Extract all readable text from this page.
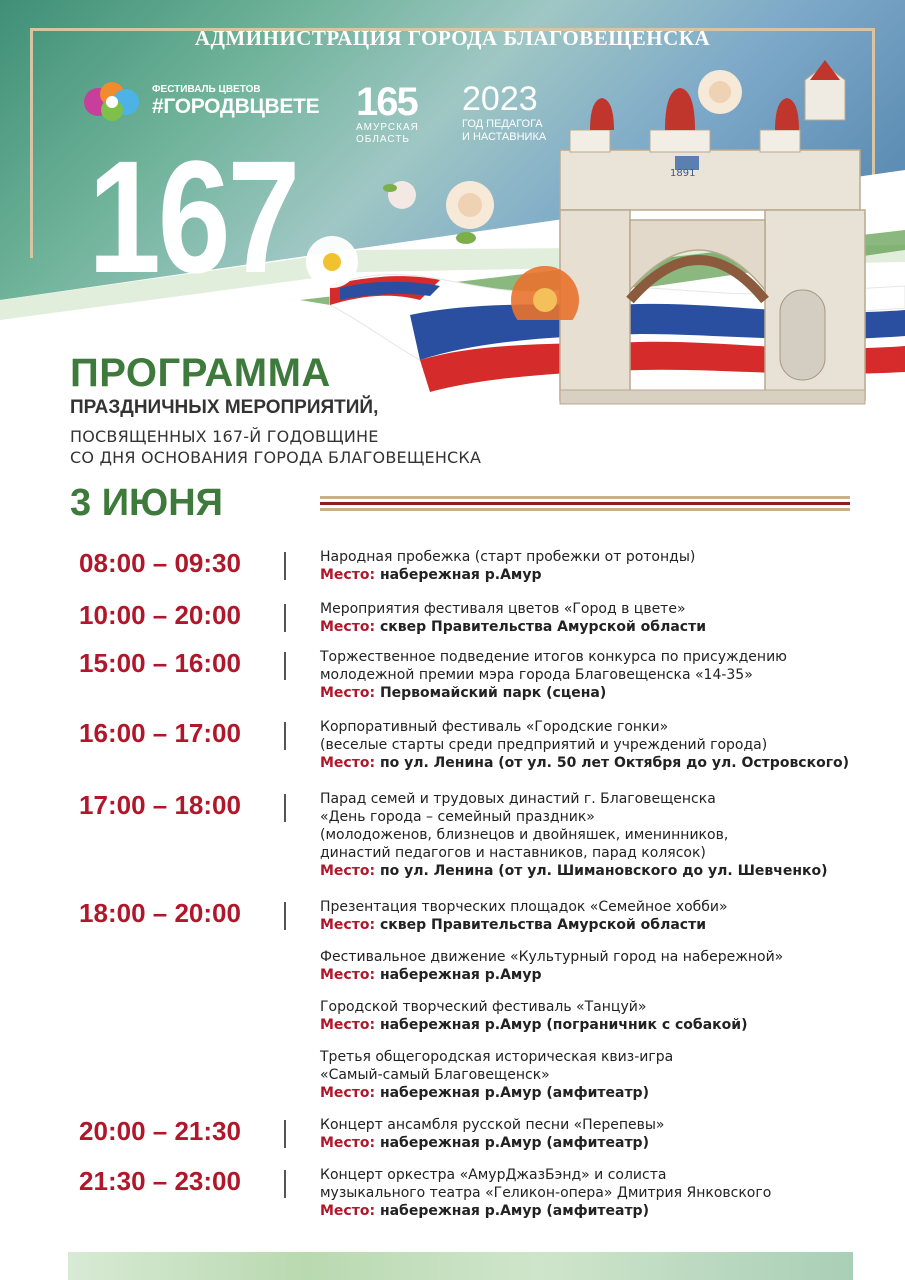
1891
АДМИНИСТРАЦИЯ ГОРОДА БЛАГОВЕЩЕНСКА
ФЕСТИВАЛЬ ЦВЕТОВ
#ГОРОДВЦВЕТЕ 165
АМУРСКАЯ
ОБЛАСТЬ
2023
ГОД ПЕДАГОГА
И НАСТАВНИКА
167
ПРОГРАММА
ПРАЗДНИЧНЫХ МЕРОПРИЯТИЙ,

ПОСВЯЩЕННЫХ 167-Й ГОДОВЩИНЕ

СО ДНЯ ОСНОВАНИЯ ГОРОДА БЛАГОВЕЩЕНСКА

3 ИЮНЯ
08:00 – 09:30	Народная пробежка (старт пробежки от ротонды)
Место: набережная р.Амур
10:00 – 20:00	Мероприятия фестиваля цветов «Город в цвете»
Место: сквер Правительства Амурской области
15:00 – 16:00	Торжественное подведение итогов конкурса по присуждению
молодежной премии мэра города Благовещенска «14-35»
Место: Первомайский парк (сцена)
16:00 – 17:00	Корпоративный фестиваль «Городские гонки»
(веселые старты среди предприятий и учреждений города)
Место: по ул. Ленина (от ул. 50 лет Октября до ул. Островского)
17:00 – 18:00	Парад семей и трудовых династий г. Благовещенска
«День города – семейный праздник»
(молодоженов, близнецов и двойняшек, именинников,
династий педагогов и наставников, парад колясок)
Место: по ул. Ленина (от ул. Шимановского до ул. Шевченко)
18:00 – 20:00	Презентация творческих площадок «Семейное хобби»
Место: сквер Правительства Амурской области
Фестивальное движение «Культурный город на набережной»
Место: набережная р.Амур
Городской творческий фестиваль «Танцуй»
Место: набережная р.Амур (пограничник с собакой)
Третья общегородская историческая квиз-игра
«Самый-самый Благовещенск»
Место: набережная р.Амур (амфитеатр)
20:00 – 21:30	Концерт ансамбля русской песни «Перепевы»
Место: набережная р.Амур (амфитеатр)
21:30 – 23:00	Концерт оркестра «АмурДжазБэнд» и солиста
музыкального театра «Геликон-опера» Дмитрия Янковского
Место: набережная р.Амур (амфитеатр)
